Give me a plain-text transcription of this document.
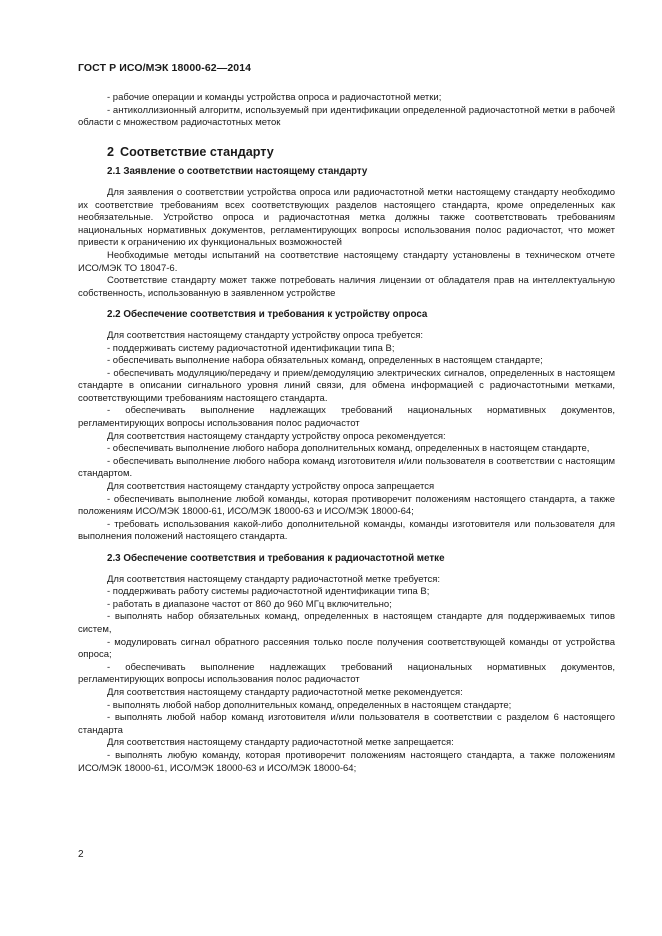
ГОСТ Р ИСО/МЭК 18000-62—2014

- рабочие операции и команды устройства опроса и радиочастотной метки;

- антиколлизионный алгоритм, используемый при идентификации определенной радиочастотной метки в рабочей области с множеством радиочастотных меток

2 Соответствие стандарту
2.1 Заявление о соответствии настоящему стандарту

Для заявления о соответствии устройства опроса или радиочастотной метки настоящему стандарту необходимо их соответствие требованиям всех соответствующих разделов настоящего стандарта, кроме определенных как необязательные. Устройство опроса и радиочастотная метка должны также соответствовать требованиям национальных нормативных документов, регламентирующих вопросы использования полос радиочастот, что может привести к ограничению их функциональных возможностей

Необходимые методы испытаний на соответствие настоящему стандарту установлены в техническом отчете ИСО/МЭК ТО 18047-6.

Соответствие стандарту может также потребовать наличия лицензии от обладателя прав на интеллектуальную собственность, использованную в заявленном устройстве

2.2 Обеспечение соответствия и требования к устройству опроса

Для соответствия настоящему стандарту устройству опроса требуется:

- поддерживать систему радиочастотной идентификации типа В;

- обеспечивать выполнение набора обязательных команд, определенных в настоящем стандарте;

- обеспечивать модуляцию/передачу и прием/демодуляцию электрических сигналов, определенных в настоящем стандарте в описании сигнального уровня линий связи, для обмена информацией с радиочастотными метками, соответствующими требованиям настоящего стандарта.

- обеспечивать выполнение надлежащих требований национальных нормативных документов, регламентирующих вопросы использования полос радиочастот

Для соответствия настоящему стандарту устройству опроса рекомендуется:

- обеспечивать выполнение любого набора дополнительных команд, определенных в настоящем стандарте,

- обеспечивать выполнение любого набора команд изготовителя и/или пользователя в соответствии с настоящим стандартом.

Для соответствия настоящему стандарту устройству опроса запрещается

- обеспечивать выполнение любой команды, которая противоречит положениям настоящего стандарта, а также положениям ИСО/МЭК 18000-61, ИСО/МЭК 18000-63 и ИСО/МЭК 18000-64;

- требовать использования какой-либо дополнительной команды, команды изготовителя или пользователя для выполнения положений настоящего стандарта.

2.3 Обеспечение соответствия и требования к радиочастотной метке

Для соответствия настоящему стандарту радиочастотной метке требуется:

- поддерживать работу системы радиочастотной идентификации типа В;

- работать в диапазоне частот от 860 до 960 МГц включительно;

- выполнять набор обязательных команд, определенных в настоящем стандарте для поддерживаемых типов систем,

- модулировать сигнал обратного рассеяния только после получения соответствующей команды от устройства опроса;

- обеспечивать выполнение надлежащих требований национальных нормативных документов, регламентирующих вопросы использования полос радиочастот

Для соответствия настоящему стандарту радиочастотной метке рекомендуется:

- выполнять любой набор дополнительных команд, определенных в настоящем стандарте;

- выполнять любой набор команд изготовителя и/или пользователя в соответствии с разделом 6 настоящего стандарта

Для соответствия настоящему стандарту радиочастотной метке запрещается:

- выполнять любую команду, которая противоречит положениям настоящего стандарта, а также положениям ИСО/МЭК 18000-61, ИСО/МЭК 18000-63 и ИСО/МЭК 18000-64;

2
